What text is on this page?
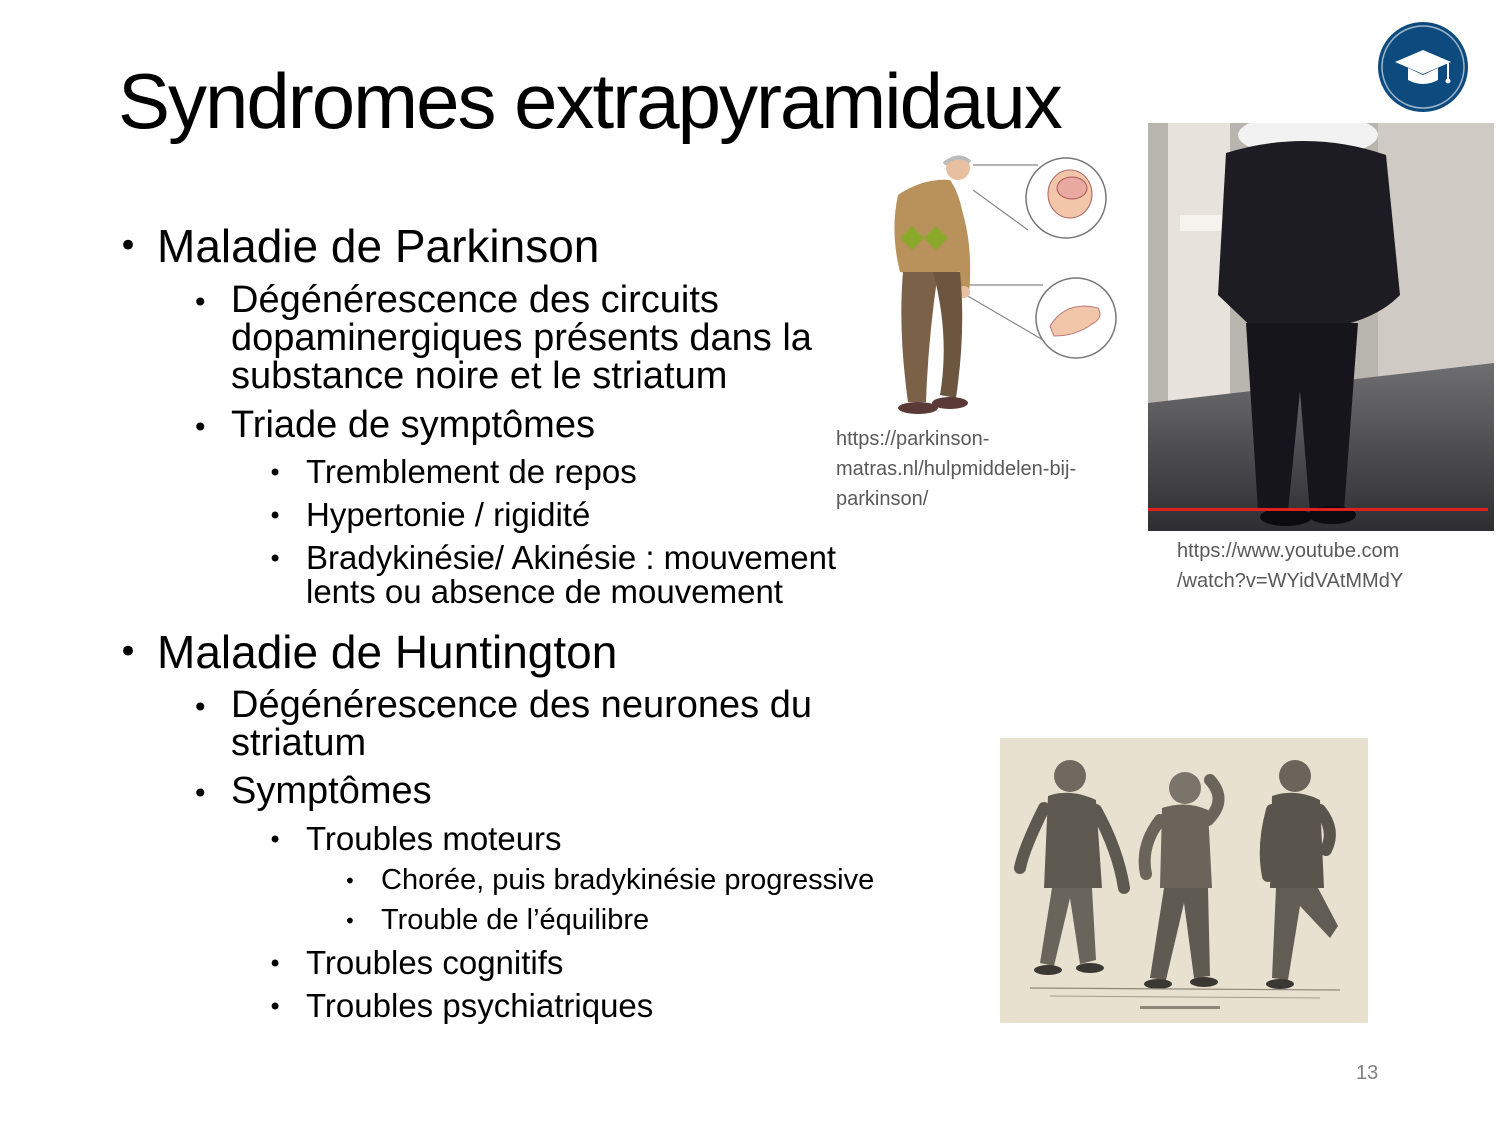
Syndromes extrapyramidaux
• Maladie de Parkinson
• Dégénérescence des circuits
dopaminergiques présents dans la
substance noire et le striatum
• Triade de symptômes
• Tremblement de repos
• Hypertonie / rigidité
• Bradykinésie/ Akinésie : mouvement
lents ou absence de mouvement
• Maladie de Huntington
• Dégénérescence des neurones du
striatum
• Symptômes
• Troubles moteurs
• Chorée, puis bradykinésie progressive
• Trouble de l’équilibre
• Troubles cognitifs
• Troubles psychiatriques
https://parkinson-
matras.nl/hulpmiddelen-bij-
parkinson/
https://www.youtube.com
/watch?v=WYidVAtMMdY
13
